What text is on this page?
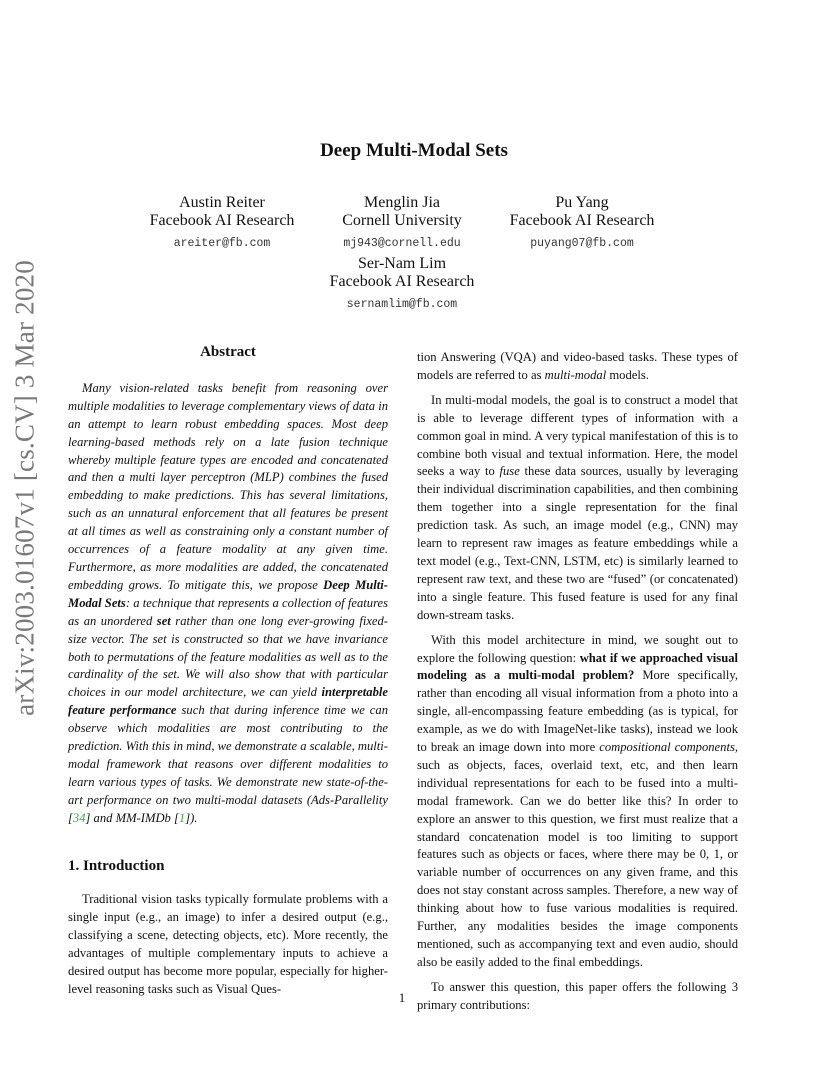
arXiv:2003.01607v1 [cs.CV] 3 Mar 2020
Deep Multi-Modal Sets
Austin Reiter
Facebook AI Research
areiter@fb.com
Menglin Jia
Cornell University
mj943@cornell.edu
Pu Yang
Facebook AI Research
puyang07@fb.com
Ser-Nam Lim
Facebook AI Research
sernamlim@fb.com
Abstract

Many vision-related tasks benefit from reasoning over multiple modalities to leverage complementary views of data in an attempt to learn robust embedding spaces. Most deep learning-based methods rely on a late fusion technique whereby multiple feature types are encoded and concatenated and then a multi layer perceptron (MLP) combines the fused embedding to make predictions. This has several limitations, such as an unnatural enforcement that all features be present at all times as well as constraining only a constant number of occurrences of a feature modality at any given time. Furthermore, as more modalities are added, the concatenated embedding grows. To mitigate this, we propose Deep Multi-Modal Sets: a technique that represents a collection of features as an unordered set rather than one long ever-growing fixed-size vector. The set is constructed so that we have invariance both to permutations of the feature modalities as well as to the cardinality of the set. We will also show that with particular choices in our model architecture, we can yield interpretable feature performance such that during inference time we can observe which modalities are most contributing to the prediction. With this in mind, we demonstrate a scalable, multi-modal framework that reasons over different modalities to learn various types of tasks. We demonstrate new state-of-the-art performance on two multi-modal datasets (Ads-Parallelity [34] and MM-IMDb [1]).

1. Introduction

Traditional vision tasks typically formulate problems with a single input (e.g., an image) to infer a desired output (e.g., classifying a scene, detecting objects, etc). More recently, the advantages of multiple complementary inputs to achieve a desired output has become more popular, especially for higher-level reasoning tasks such as Visual Ques-

tion Answering (VQA) and video-based tasks. These types of models are referred to as multi-modal models.

In multi-modal models, the goal is to construct a model that is able to leverage different types of information with a common goal in mind. A very typical manifestation of this is to combine both visual and textual information. Here, the model seeks a way to fuse these data sources, usually by leveraging their individual discrimination capabilities, and then combining them together into a single representation for the final prediction task. As such, an image model (e.g., CNN) may learn to represent raw images as feature embeddings while a text model (e.g., Text-CNN, LSTM, etc) is similarly learned to represent raw text, and these two are “fused” (or concatenated) into a single feature. This fused feature is used for any final down-stream tasks.

With this model architecture in mind, we sought out to explore the following question: what if we approached visual modeling as a multi-modal problem? More specifically, rather than encoding all visual information from a photo into a single, all-encompassing feature embedding (as is typical, for example, as we do with ImageNet-like tasks), instead we look to break an image down into more compositional components, such as objects, faces, overlaid text, etc, and then learn individual representations for each to be fused into a multi-modal framework. Can we do better like this? In order to explore an answer to this question, we first must realize that a standard concatenation model is too limiting to support features such as objects or faces, where there may be 0, 1, or variable number of occurrences on any given frame, and this does not stay constant across samples. Therefore, a new way of thinking about how to fuse various modalities is required. Further, any modalities besides the image components mentioned, such as accompanying text and even audio, should also be easily added to the final embeddings.

To answer this question, this paper offers the following 3 primary contributions:

1
